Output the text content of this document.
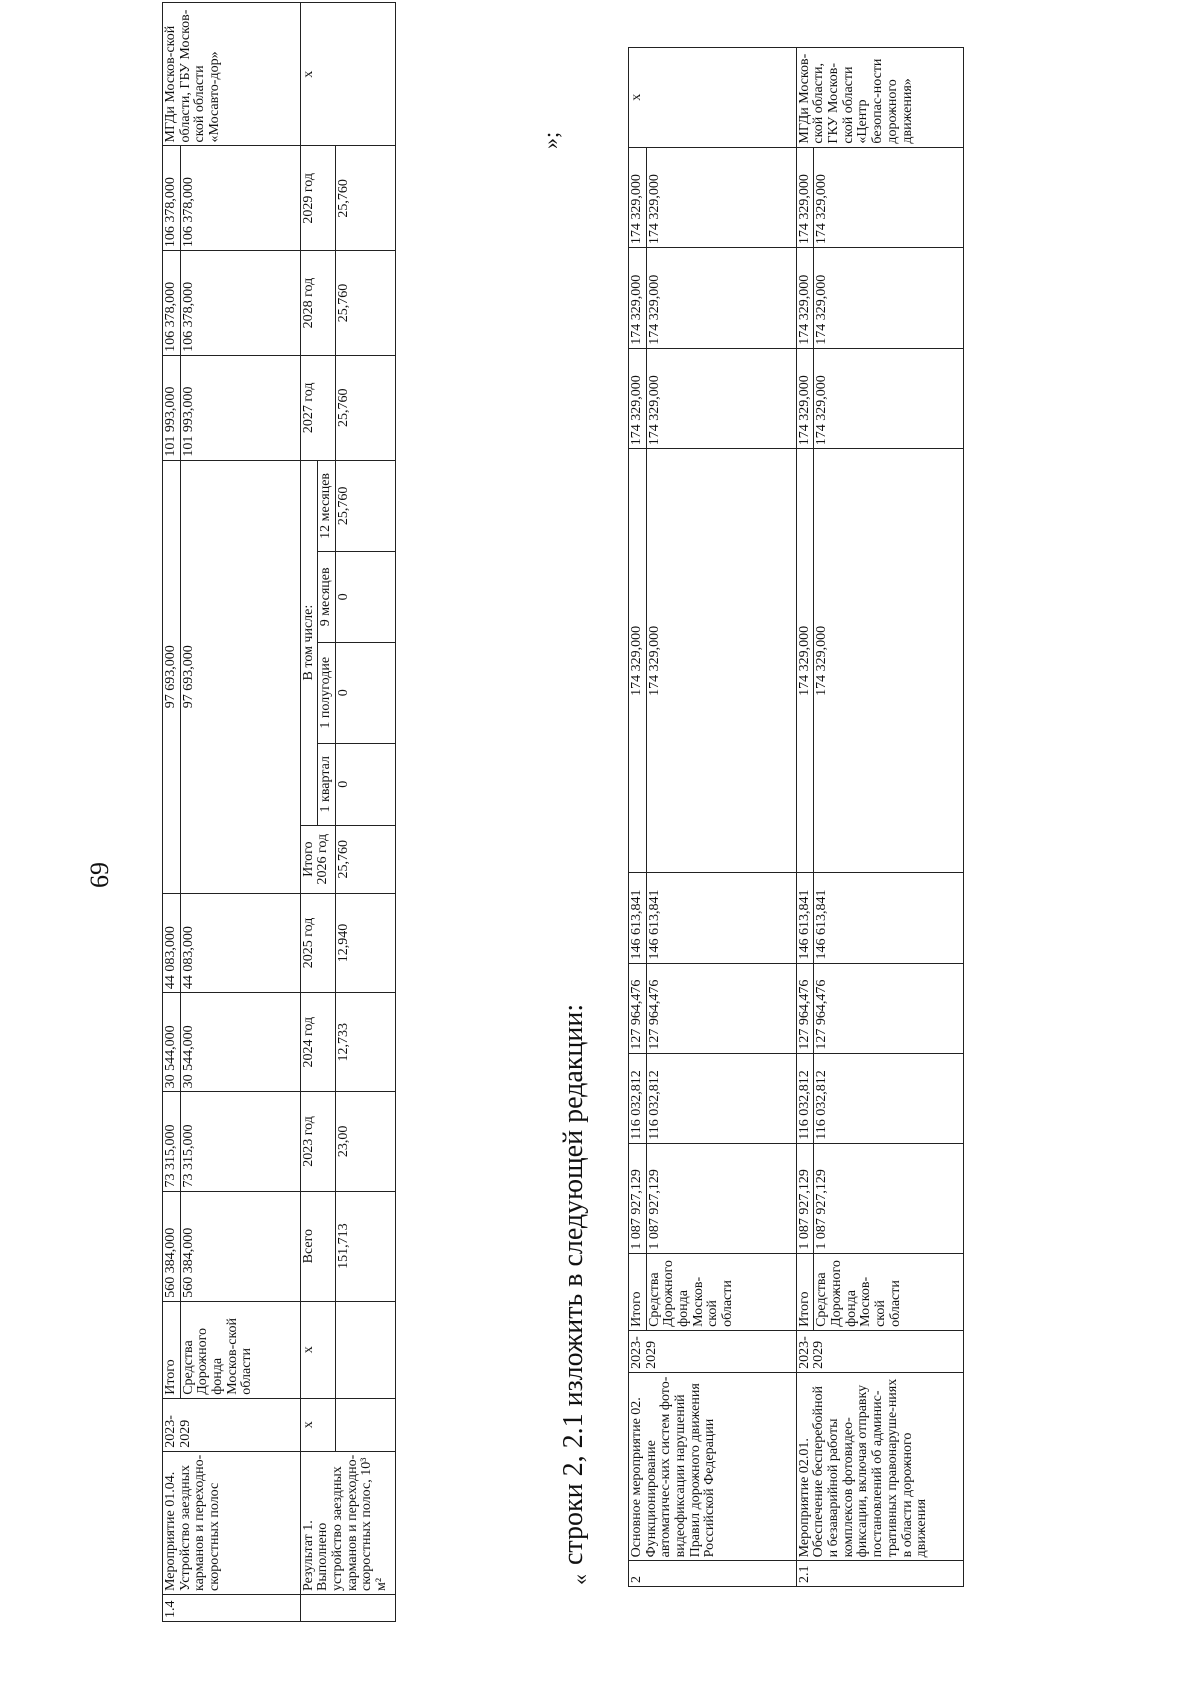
69
1.4	Мероприятие 01.04. Устройство заездных карманов и переходно-скоростных полос	2023-2029	Итого	560 384,000	73 315,000	30 544,000	44 083,000	97 693,000					101 993,000	106 378,000	106 378,000	МГДи Москов-ской области, ГБУ Москов-ской области «Мосавто-дор»
			Средства Дорожного фонда Москов-ской области	560 384,000	73 315,000	30 544,000	44 083,000	97 693,000					101 993,000	106 378,000	106 378,000	
	Результат 1. Выполнено устройство заездных карманов и переходно-скоростных полос, 10³ м²	х	х	Всего	2023 год	2024 год	2025 год	Итого 2026 год	В том числе:				2027 год	2028 год	2029 год	х
									1 квартал	1 полугодие	9 месяцев	12 месяцев				
				151,713	23,00	12,733	12,940	25,760	0	0	0	25,760	25,760	25,760	25,760	
«
строки 2, 2.1 изложить в следующей редакции:
»;
2	Основное мероприятие 02. Функционирование автоматичес-ких систем фото-видеофиксации нарушений Правил дорожного движения Российской Федерации	2023-2029	Итого	1 087 927,129	116 032,812	127 964,476	146 613,841	174 329,000	174 329,000	174 329,000	174 329,000	х
			Средства Дорожного фонда Москов-ской области	1 087 927,129	116 032,812	127 964,476	146 613,841	174 329,000	174 329,000	174 329,000	174 329,000	
2.1	Мероприятие 02.01. Обеспечение бесперебойной и безаварийной работы комплексов фотовидео-фиксации, включая отправку постановлений об админис-тративных правонаруше-ниях в области дорожного движения	2023-2029	Итого	1 087 927,129	116 032,812	127 964,476	146 613,841	174 329,000	174 329,000	174 329,000	174 329,000	МГДи Москов-ской области, ГКУ Москов-ской области «Центр безопас-ности дорожного движения»
			Средства Дорожного фонда Москов-ской области	1 087 927,129	116 032,812	127 964,476	146 613,841	174 329,000	174 329,000	174 329,000	174 329,000	
